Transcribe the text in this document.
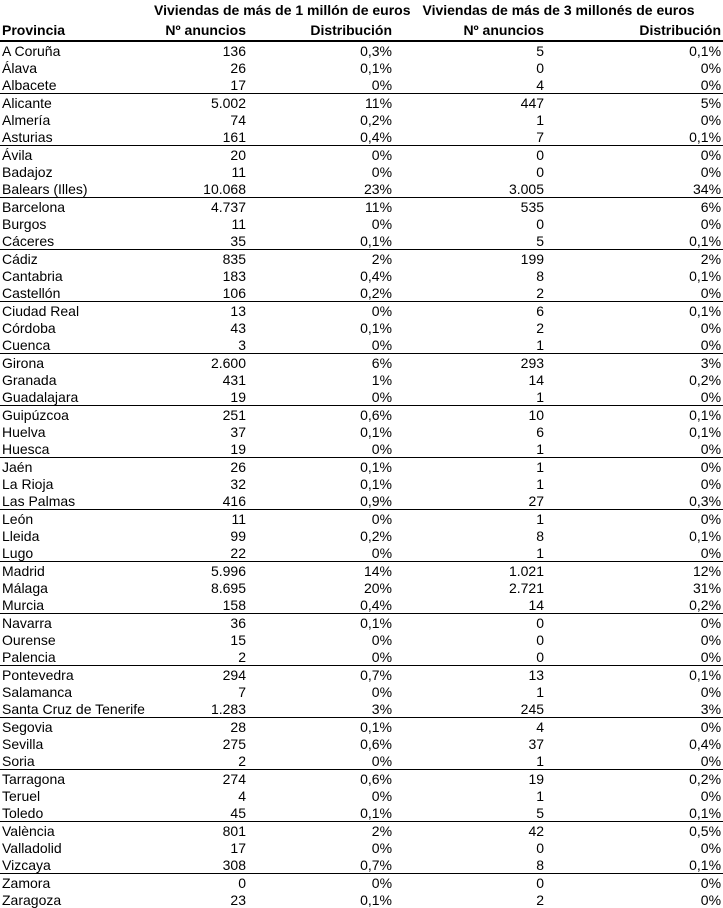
	Viviendas de más de 1 millón de euros		Viviendas de más de 3 millonés de euros	
Provincia	Nº anuncios	Distribución	Nº anuncios	Distribución
A Coruña	136	0,3%	5	0,1%
Álava	26	0,1%	0	0%
Albacete	17	0%	4	0%
Alicante	5.002	11%	447	5%
Almería	74	0,2%	1	0%
Asturias	161	0,4%	7	0,1%
Ávila	20	0%	0	0%
Badajoz	11	0%	0	0%
Balears (Illes)	10.068	23%	3.005	34%
Barcelona	4.737	11%	535	6%
Burgos	11	0%	0	0%
Cáceres	35	0,1%	5	0,1%
Cádiz	835	2%	199	2%
Cantabria	183	0,4%	8	0,1%
Castellón	106	0,2%	2	0%
Ciudad Real	13	0%	6	0,1%
Córdoba	43	0,1%	2	0%
Cuenca	3	0%	1	0%
Girona	2.600	6%	293	3%
Granada	431	1%	14	0,2%
Guadalajara	19	0%	1	0%
Guipúzcoa	251	0,6%	10	0,1%
Huelva	37	0,1%	6	0,1%
Huesca	19	0%	1	0%
Jaén	26	0,1%	1	0%
La Rioja	32	0,1%	1	0%
Las Palmas	416	0,9%	27	0,3%
León	11	0%	1	0%
Lleida	99	0,2%	8	0,1%
Lugo	22	0%	1	0%
Madrid	5.996	14%	1.021	12%
Málaga	8.695	20%	2.721	31%
Murcia	158	0,4%	14	0,2%
Navarra	36	0,1%	0	0%
Ourense	15	0%	0	0%
Palencia	2	0%	0	0%
Pontevedra	294	0,7%	13	0,1%
Salamanca	7	0%	1	0%
Santa Cruz de Tenerife	1.283	3%	245	3%
Segovia	28	0,1%	4	0%
Sevilla	275	0,6%	37	0,4%
Soria	2	0%	1	0%
Tarragona	274	0,6%	19	0,2%
Teruel	4	0%	1	0%
Toledo	45	0,1%	5	0,1%
València	801	2%	42	0,5%
Valladolid	17	0%	0	0%
Vizcaya	308	0,7%	8	0,1%
Zamora	0	0%	0	0%
Zaragoza	23	0,1%	2	0%
